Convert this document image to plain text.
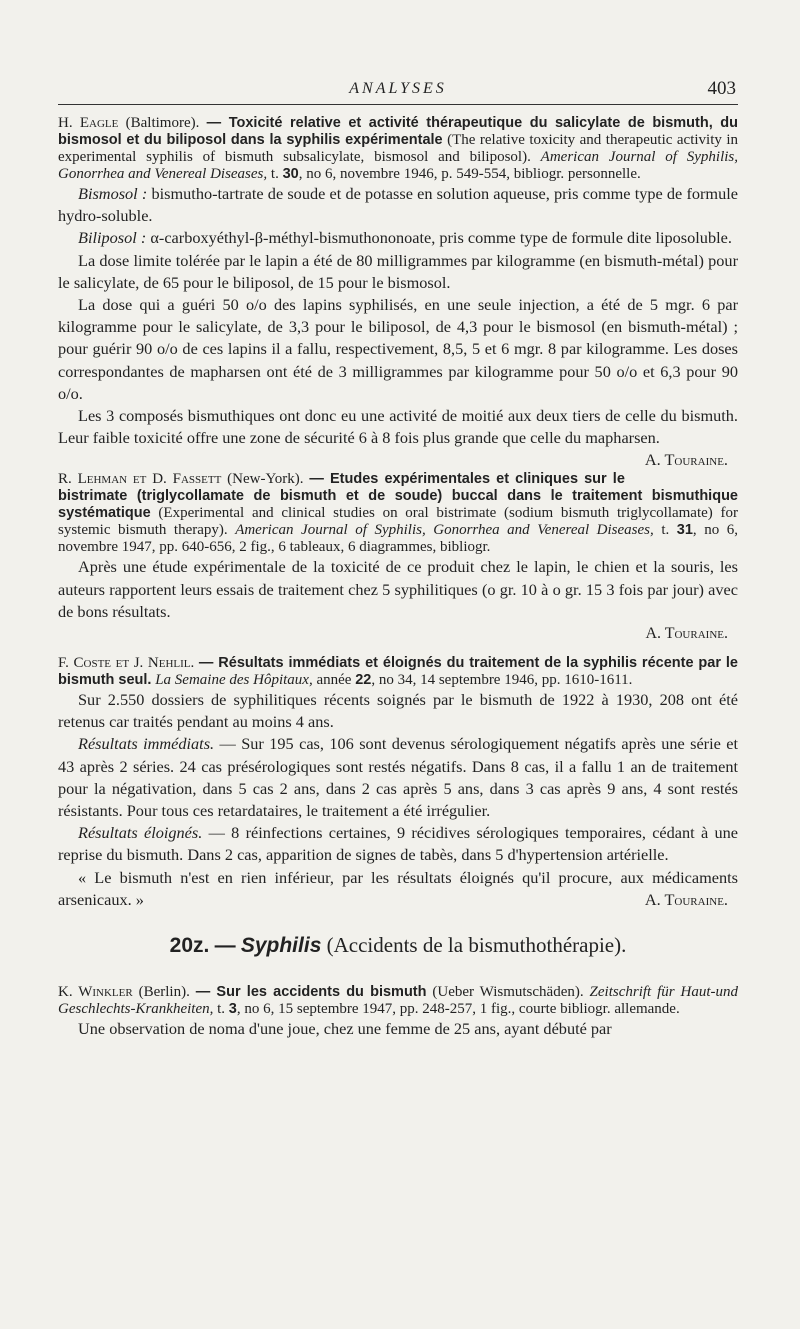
ANALYSES	403
H. Eagle (Baltimore). — Toxicité relative et activité thérapeutique du salicylate de bismuth, du bismosol et du biliposol dans la syphilis expérimentale (The relative toxicity and therapeutic activity in experimental syphilis of bismuth subsalicylate, bismosol and biliposol). American Journal of Syphilis, Gonorrhea and Venereal Diseases, t. 30, no 6, novembre 1946, p. 549-554, bibliogr. personnelle.

Bismosol : bismutho-tartrate de soude et de potasse en solution aqueuse, pris comme type de formule hydro-soluble.

Biliposol : α-carboxyéthyl-β-méthyl-bismuthononoate, pris comme type de formule dite liposoluble.

La dose limite tolérée par le lapin a été de 80 milligrammes par kilogramme (en bismuth-métal) pour le salicylate, de 65 pour le biliposol, de 15 pour le bismosol.

La dose qui a guéri 50 o/o des lapins syphilisés, en une seule injection, a été de 5 mgr. 6 par kilogramme pour le salicylate, de 3,3 pour le biliposol, de 4,3 pour le bismosol (en bismuth-métal) ; pour guérir 90 o/o de ces lapins il a fallu, respectivement, 8,5, 5 et 6 mgr. 8 par kilogramme. Les doses correspondantes de mapharsen ont été de 3 milligrammes par kilogramme pour 50 o/o et 6,3 pour 90 o/o.

Les 3 composés bismuthiques ont donc eu une activité de moitié aux deux tiers de celle du bismuth. Leur faible toxicité offre une zone de sécurité 6 à 8 fois plus grande que celle du mapharsen.
A. Touraine.

R. Lehman et D. Fassett (New-York). — Etudes expérimentales et cliniques sur le bistrimate (triglycollamate de bismuth et de soude) buccal dans le traitement bismuthique systématique (Experimental and clinical studies on oral bistrimate (sodium bismuth triglycollamate) for systemic bismuth therapy). American Journal of Syphilis, Gonorrhea and Venereal Diseases, t. 31, no 6, novembre 1947, pp. 640-656, 2 fig., 6 tableaux, 6 diagrammes, bibliogr.

Après une étude expérimentale de la toxicité de ce produit chez le lapin, le chien et la souris, les auteurs rapportent leurs essais de traitement chez 5 syphilitiques (o gr. 10 à o gr. 15 3 fois par jour) avec de bons résultats.

A. Touraine.
F. Coste et J. Nehlil. — Résultats immédiats et éloignés du traitement de la syphilis récente par le bismuth seul. La Semaine des Hôpitaux, année 22, no 34, 14 septembre 1946, pp. 1610-1611.

Sur 2.550 dossiers de syphilitiques récents soignés par le bismuth de 1922 à 1930, 208 ont été retenus car traités pendant au moins 4 ans.

Résultats immédiats. — Sur 195 cas, 106 sont devenus sérologiquement négatifs après une série et 43 après 2 séries. 24 cas présérologiques sont restés négatifs. Dans 8 cas, il a fallu 1 an de traitement pour la négativation, dans 5 cas 2 ans, dans 2 cas après 5 ans, dans 3 cas après 9 ans, 4 sont restés résistants. Pour tous ces retardataires, le traitement a été irrégulier.

Résultats éloignés. — 8 réinfections certaines, 9 récidives sérologiques temporaires, cédant à une reprise du bismuth. Dans 2 cas, apparition de signes de tabès, dans 5 d'hypertension artérielle.

« Le bismuth n'est en rien inférieur, par les résultats éloignés qu'il procure, aux médicaments arsenicaux. »	A. Touraine.

20z. — Syphilis (Accidents de la bismuthothérapie).
K. Winkler (Berlin). — Sur les accidents du bismuth (Ueber Wismutschäden). Zeitschrift für Haut-und Geschlechts-Krankheiten, t. 3, no 6, 15 septembre 1947, pp. 248-257, 1 fig., courte bibliogr. allemande.

Une observation de noma d'une joue, chez une femme de 25 ans, ayant débuté par
